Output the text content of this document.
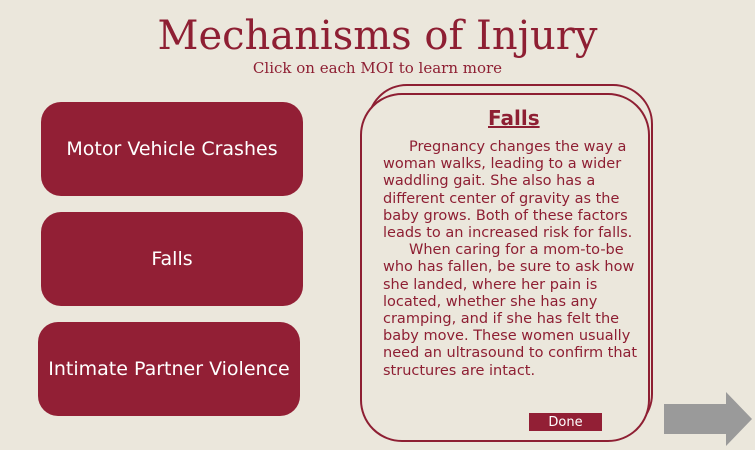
Mechanisms of Injury
Click on each MOI to learn more
Motor Vehicle Crashes
Falls
Intimate Partner Violence
Falls

Pregnancy changes the way a woman walks, leading to a wider waddling gait. She also has a different center of gravity as the baby grows. Both of these factors leads to an increased risk for falls.

When caring for a mom-to-be who has fallen, be sure to ask how she landed, where her pain is located, whether she has any cramping, and if she has felt the baby move. These women usually need an ultrasound to confirm that structures are intact.

Done
